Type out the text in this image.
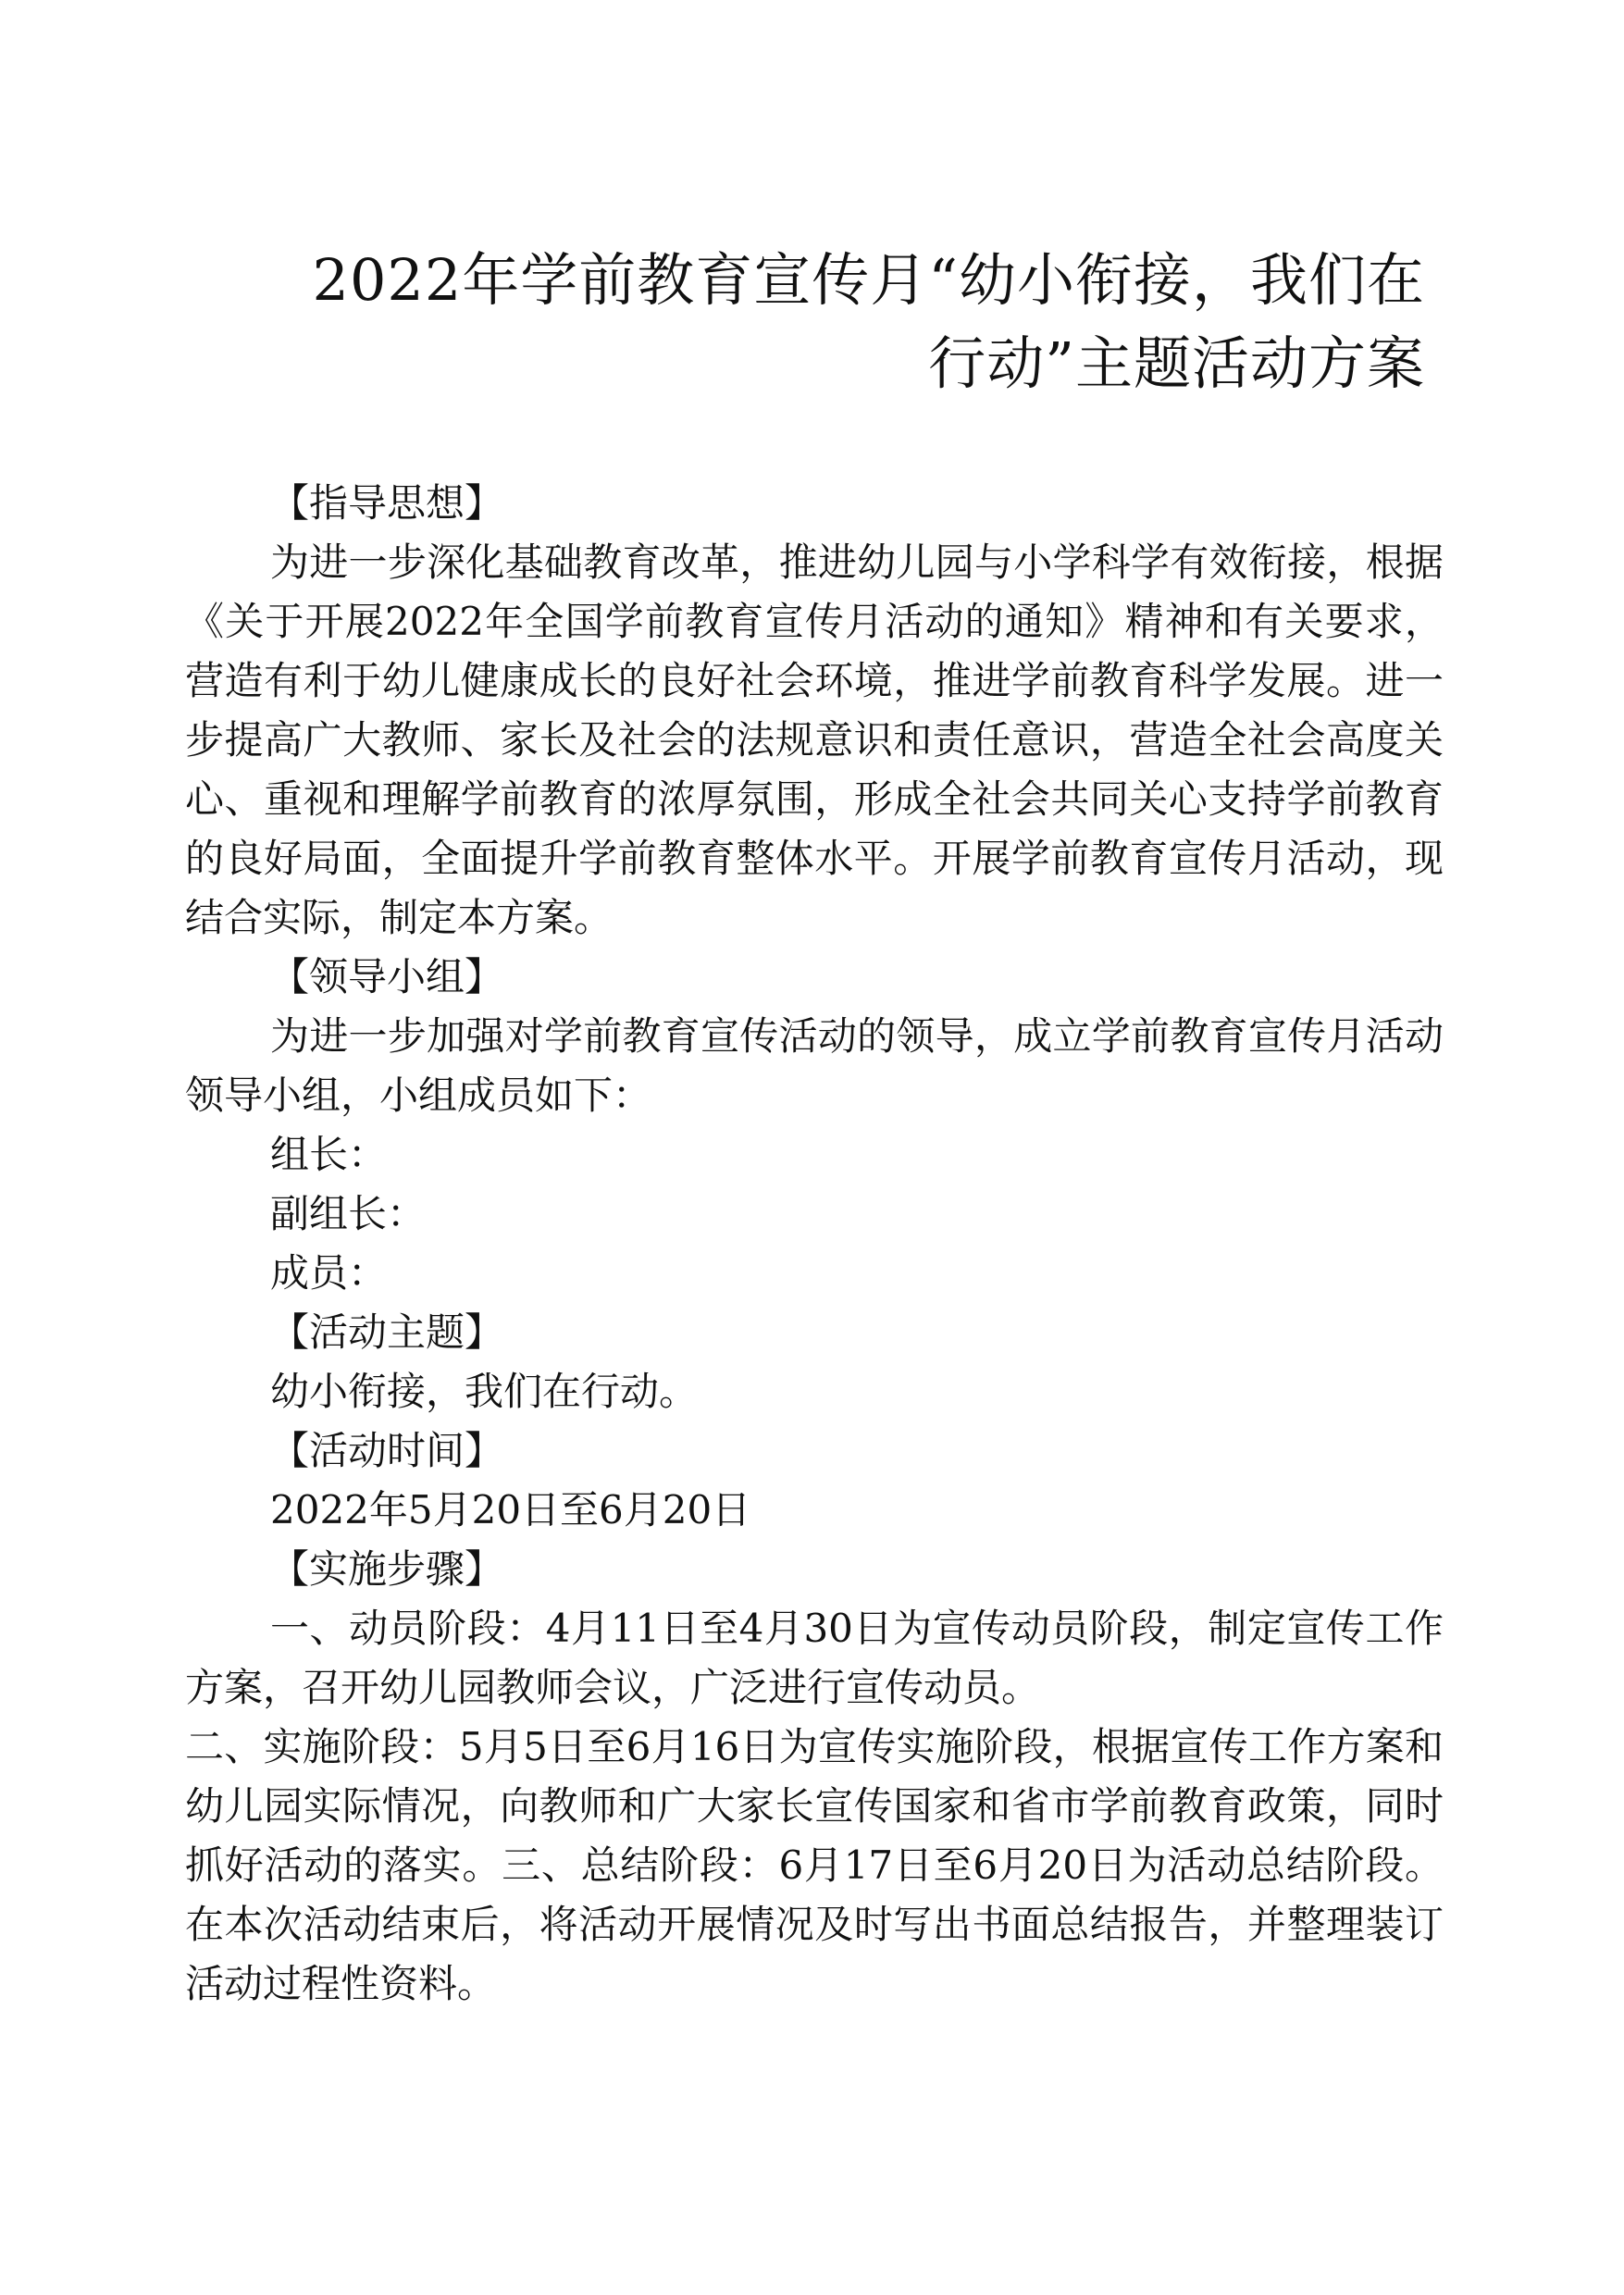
2022年学前教育宣传月“幼小衔接，我们在
行动”主题活动方案

【指导思想】

为进一步深化基础教育改革，推进幼儿园与小学科学有效衔接，根据《关于开展2022年全国学前教育宣传月活动的通知》精神和有关要求，营造有利于幼儿健康成长的良好社会环境，推进学前教育科学发展。进一步提高广大教师、家长及社会的法规意识和责任意识，营造全社会高度关心、重视和理解学前教育的浓厚氛围，形成全社会共同关心支持学前教育的良好局面，全面提升学前教育整体水平。开展学前教育宣传月活动，现结合实际，制定本方案。

【领导小组】

为进一步加强对学前教育宣传活动的领导，成立学前教育宣传月活动领导小组，小组成员如下：

组长：

副组长：

成员：

【活动主题】

幼小衔接，我们在行动。

【活动时间】

2022年5月20日至6月20日

【实施步骤】

一、动员阶段：4月11日至4月30日为宣传动员阶段，制定宣传工作方案，召开幼儿园教师会议，广泛进行宣传动员。

二、实施阶段：5月5日至6月16日为宣传实施阶段，根据宣传工作方案和幼儿园实际情况，向教师和广大家长宣传国家和省市学前教育政策，同时抓好活动的落实。三、总结阶段：6月17日至6月20日为活动总结阶段。在本次活动结束后，将活动开展情况及时写出书面总结报告，并整理装订活动过程性资料。
